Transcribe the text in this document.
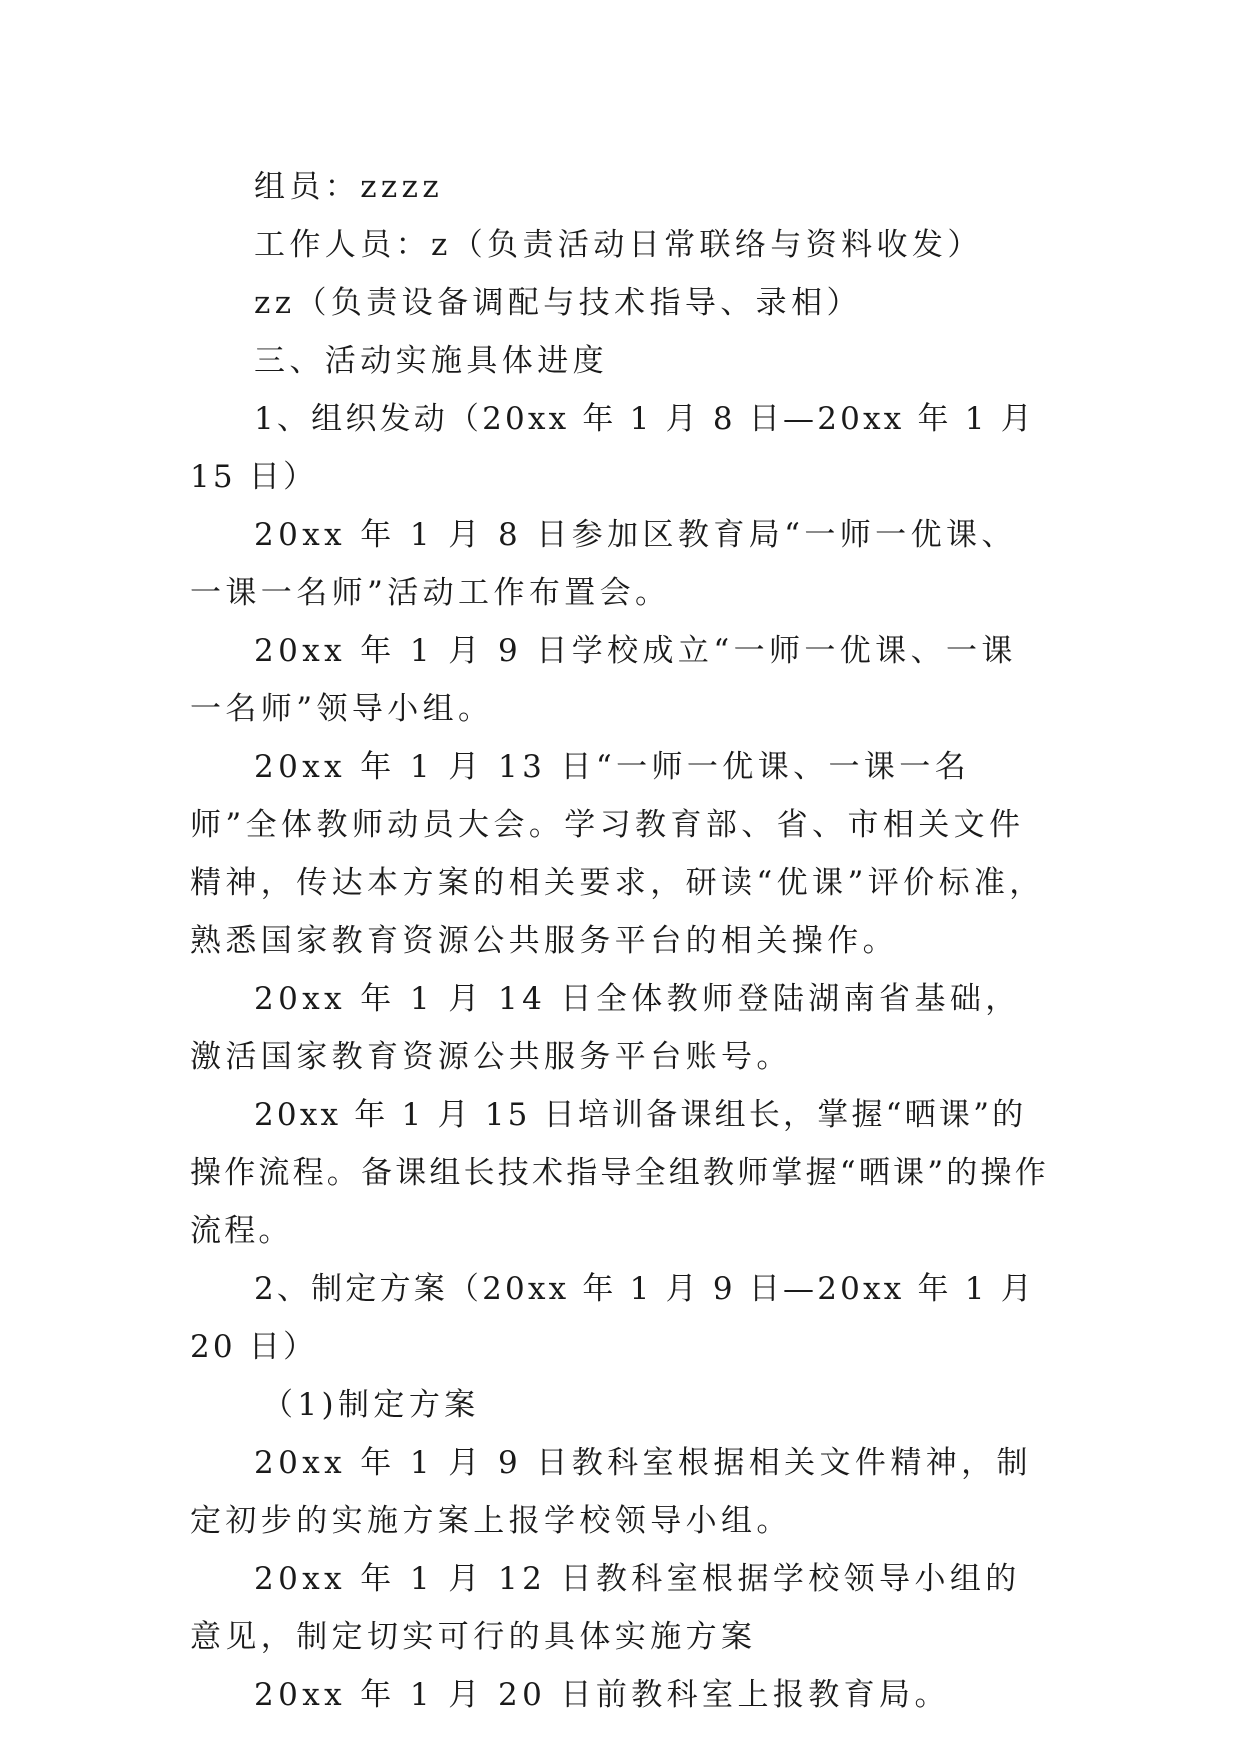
组员：zzzz

工作人员：z（负责活动日常联络与资料收发）

zz（负责设备调配与技术指导、录相）

三、活动实施具体进度

1、组织发动（20xx 年 1 月 8 日—20xx 年 1 月 15 日）

20xx 年 1 月 8 日参加区教育局“一师一优课、一课一名师”活动工作布置会。

20xx 年 1 月 9 日学校成立“一师一优课、一课一名师”领导小组。

20xx 年 1 月 13 日“一师一优课、一课一名师”全体教师动员大会。学习教育部、省、市相关文件精神，传达本方案的相关要求，研读“优课”评价标准，熟悉国家教育资源公共服务平台的相关操作。

20xx 年 1 月 14 日全体教师登陆湖南省基础，激活国家教育资源公共服务平台账号。

20xx 年 1 月 15 日培训备课组长，掌握“晒课”的操作流程。备课组长技术指导全组教师掌握“晒课”的操作流程。

2、制定方案（20xx 年 1 月 9 日—20xx 年 1 月 20 日）

（1)制定方案

20xx 年 1 月 9 日教科室根据相关文件精神，制定初步的实施方案上报学校领导小组。

20xx 年 1 月 12 日教科室根据学校领导小组的意见，制定切实可行的具体实施方案

20xx 年 1 月 20 日前教科室上报教育局。
